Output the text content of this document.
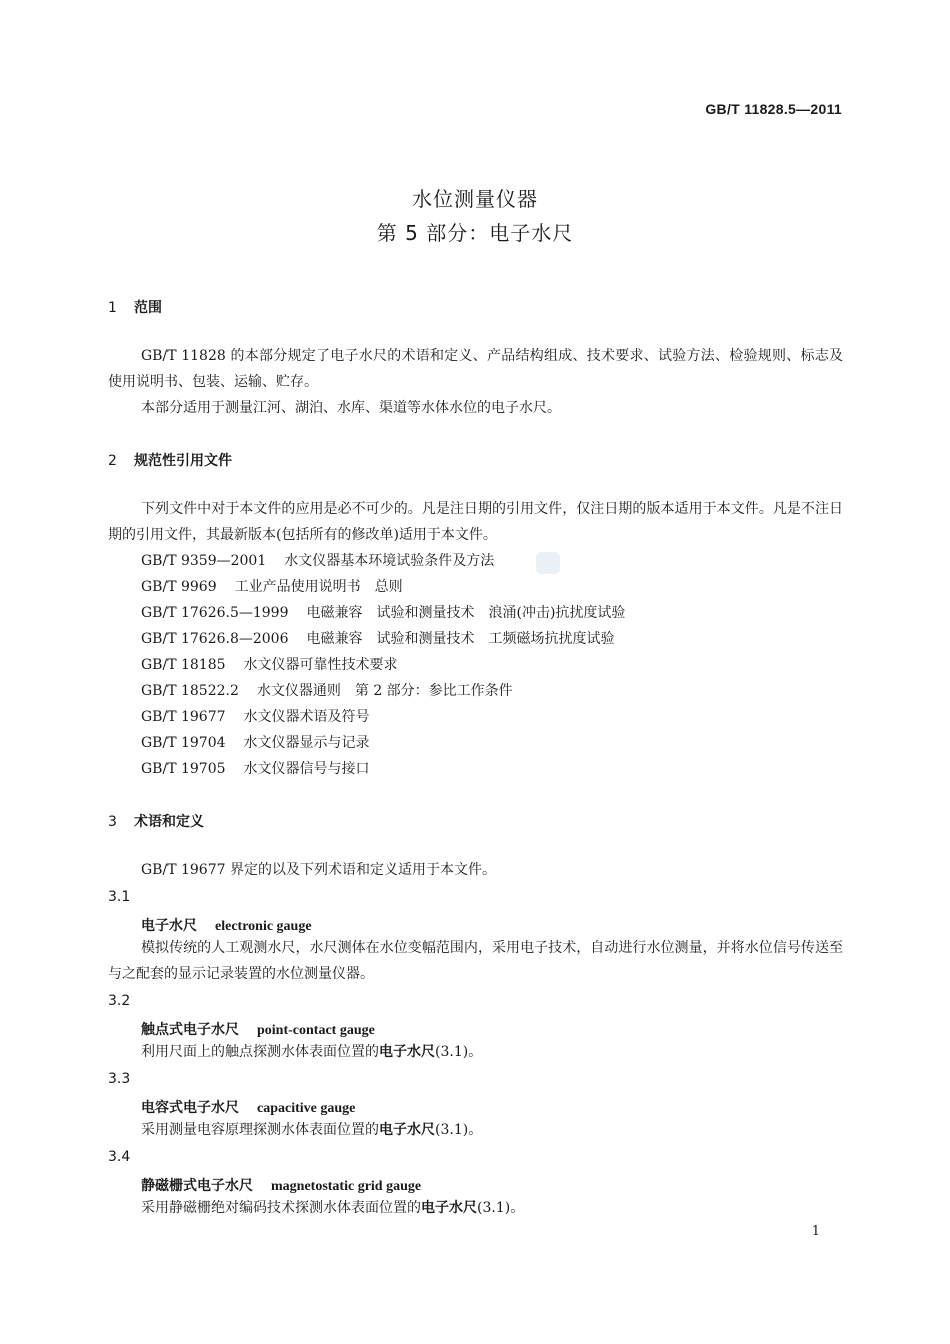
GB/T 11828.5—2011
水位测量仪器
第 5 部分：电子水尺
1 范围
GB/T 11828 的本部分规定了电子水尺的术语和定义、产品结构组成、技术要求、试验方法、检验规则、标志及使用说明书、包装、运输、贮存。
本部分适用于测量江河、湖泊、水库、渠道等水体水位的电子水尺。
2 规范性引用文件
下列文件中对于本文件的应用是必不可少的。凡是注日期的引用文件，仅注日期的版本适用于本文件。凡是不注日期的引用文件，其最新版本(包括所有的修改单)适用于本文件。
GB/T 9359—2001 水文仪器基本环境试验条件及方法
GB/T 9969 工业产品使用说明书　总则
GB/T 17626.5—1999 电磁兼容　试验和测量技术　浪涌(冲击)抗扰度试验
GB/T 17626.8—2006 电磁兼容　试验和测量技术　工频磁场抗扰度试验
GB/T 18185 水文仪器可靠性技术要求
GB/T 18522.2 水文仪器通则　第 2 部分：参比工作条件
GB/T 19677 水文仪器术语及符号
GB/T 19704 水文仪器显示与记录
GB/T 19705 水文仪器信号与接口
3 术语和定义
GB/T 19677 界定的以及下列术语和定义适用于本文件。
3.1
电子水尺 electronic gauge
模拟传统的人工观测水尺，水尺测体在水位变幅范围内，采用电子技术，自动进行水位测量，并将水位信号传送至与之配套的显示记录装置的水位测量仪器。
3.2
触点式电子水尺 point-contact gauge
利用尺面上的触点探测水体表面位置的电子水尺(3.1)。
3.3
电容式电子水尺 capacitive gauge
采用测量电容原理探测水体表面位置的电子水尺(3.1)。
3.4
静磁栅式电子水尺 magnetostatic grid gauge
采用静磁栅绝对编码技术探测水体表面位置的电子水尺(3.1)。
1
